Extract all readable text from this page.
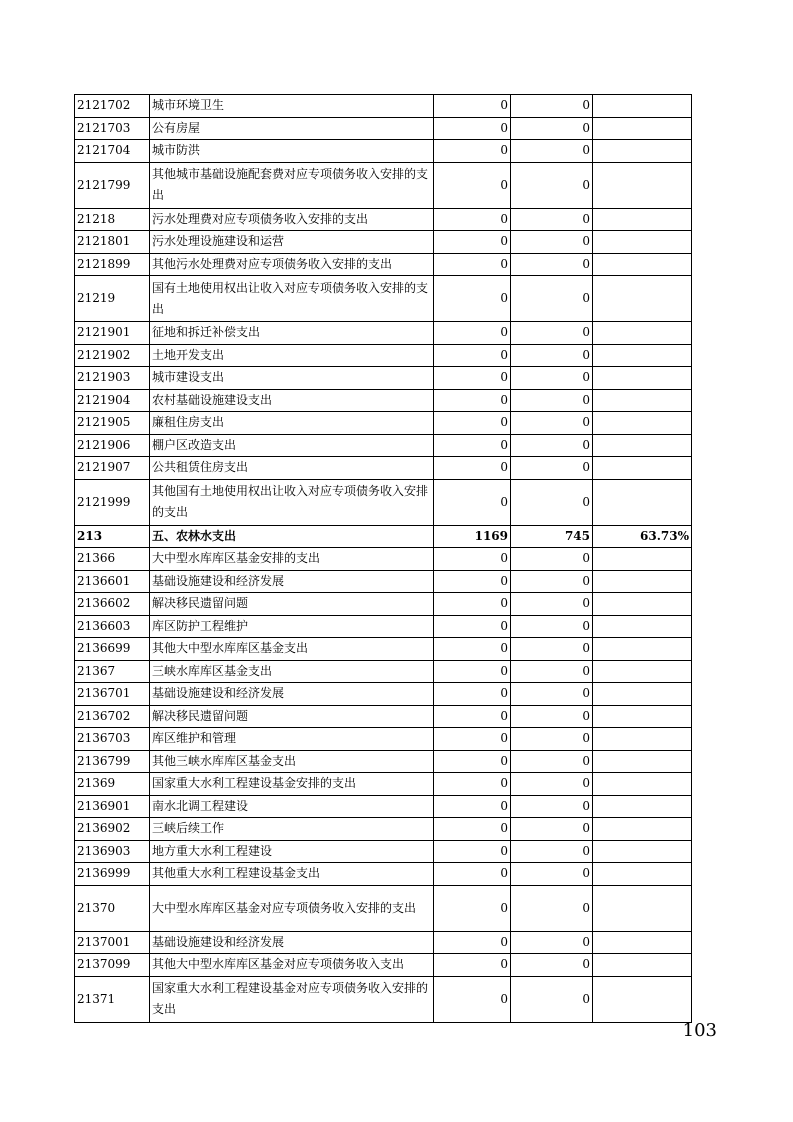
2121702	城市环境卫生	0	0	
2121703	公有房屋	0	0	
2121704	城市防洪	0	0	
2121799	其他城市基础设施配套费对应专项债务收入安排的支出	0	0	
21218	污水处理费对应专项债务收入安排的支出	0	0	
2121801	污水处理设施建设和运营	0	0	
2121899	其他污水处理费对应专项债务收入安排的支出	0	0	
21219	国有土地使用权出让收入对应专项债务收入安排的支出	0	0	
2121901	征地和拆迁补偿支出	0	0	
2121902	土地开发支出	0	0	
2121903	城市建设支出	0	0	
2121904	农村基础设施建设支出	0	0	
2121905	廉租住房支出	0	0	
2121906	棚户区改造支出	0	0	
2121907	公共租赁住房支出	0	0	
2121999	其他国有土地使用权出让收入对应专项债务收入安排的支出	0	0	
213	五、农林水支出	1169	745	63.73%
21366	大中型水库库区基金安排的支出	0	0	
2136601	基础设施建设和经济发展	0	0	
2136602	解决移民遗留问题	0	0	
2136603	库区防护工程维护	0	0	
2136699	其他大中型水库库区基金支出	0	0	
21367	三峡水库库区基金支出	0	0	
2136701	基础设施建设和经济发展	0	0	
2136702	解决移民遗留问题	0	0	
2136703	库区维护和管理	0	0	
2136799	其他三峡水库库区基金支出	0	0	
21369	国家重大水利工程建设基金安排的支出	0	0	
2136901	南水北调工程建设	0	0	
2136902	三峡后续工作	0	0	
2136903	地方重大水利工程建设	0	0	
2136999	其他重大水利工程建设基金支出	0	0	
21370	大中型水库库区基金对应专项债务收入安排的支出	0	0	
2137001	基础设施建设和经济发展	0	0	
2137099	其他大中型水库库区基金对应专项债务收入支出	0	0	
21371	国家重大水利工程建设基金对应专项债务收入安排的支出	0	0	
103
